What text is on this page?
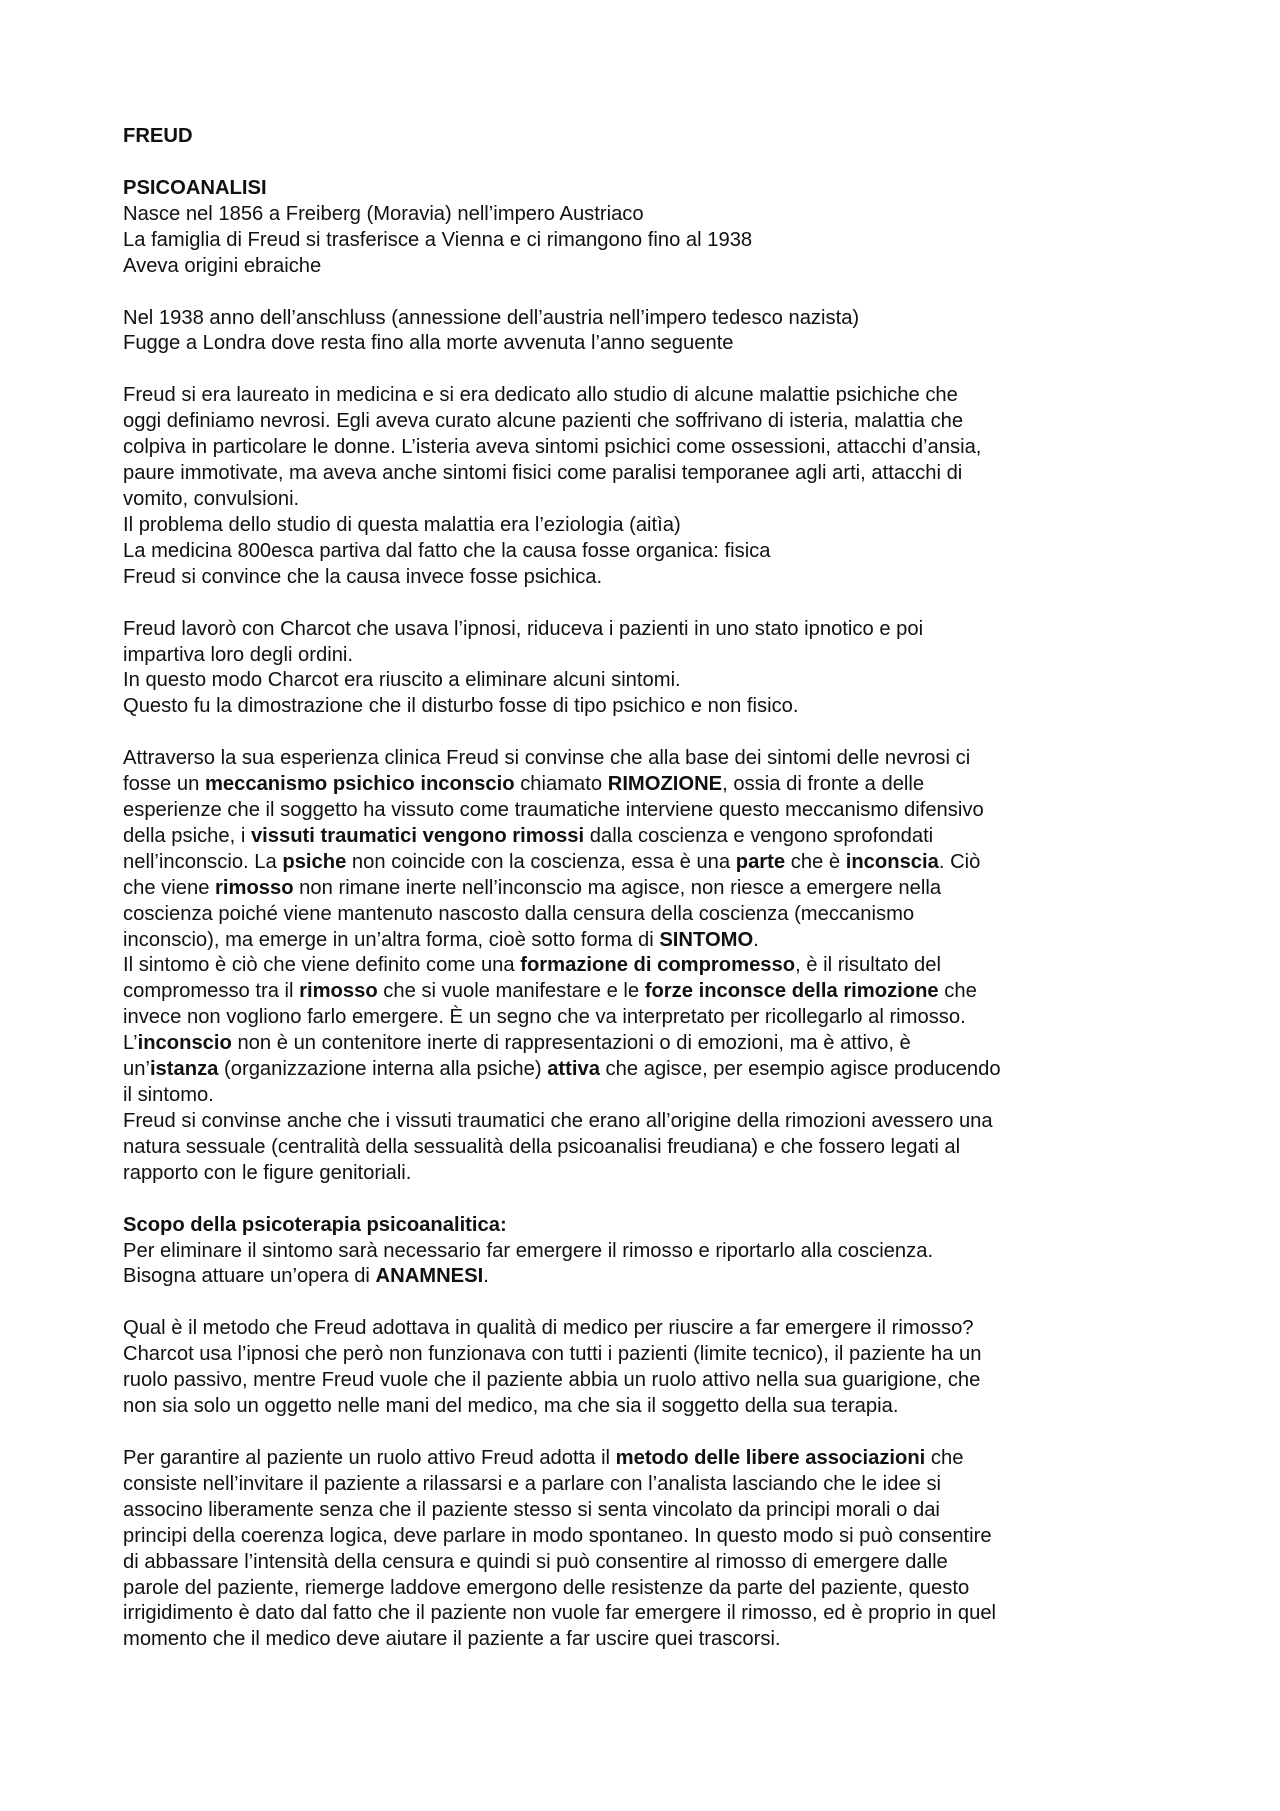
FREUD
PSICOANALISI
Nasce nel 1856 a Freiberg (Moravia) nell’impero Austriaco
La famiglia di Freud si trasferisce a Vienna e ci rimangono fino al 1938
Aveva origini ebraiche
Nel 1938 anno dell’anschluss (annessione dell’austria nell’impero tedesco nazista)
Fugge a Londra dove resta fino alla morte avvenuta l’anno seguente
Freud si era laureato in medicina e si era dedicato allo studio di alcune malattie psichiche che
oggi definiamo nevrosi. Egli aveva curato alcune pazienti che soffrivano di isteria, malattia che
colpiva in particolare le donne. L’isteria aveva sintomi psichici come ossessioni, attacchi d’ansia,
paure immotivate, ma aveva anche sintomi fisici come paralisi temporanee agli arti, attacchi di
vomito, convulsioni.
Il problema dello studio di questa malattia era l’eziologia (aitìa)
La medicina 800esca partiva dal fatto che la causa fosse organica: fisica
Freud si convince che la causa invece fosse psichica.
Freud lavorò con Charcot che usava l’ipnosi, riduceva i pazienti in uno stato ipnotico e poi
impartiva loro degli ordini.
In questo modo Charcot era riuscito a eliminare alcuni sintomi.
Questo fu la dimostrazione che il disturbo fosse di tipo psichico e non fisico.
Attraverso la sua esperienza clinica Freud si convinse che alla base dei sintomi delle nevrosi ci
fosse un meccanismo psichico inconscio chiamato RIMOZIONE, ossia di fronte a delle
esperienze che il soggetto ha vissuto come traumatiche interviene questo meccanismo difensivo
della psiche, i vissuti traumatici vengono rimossi dalla coscienza e vengono sprofondati
nell’inconscio. La psiche non coincide con la coscienza, essa è una parte che è inconscia. Ciò
che viene rimosso non rimane inerte nell’inconscio ma agisce, non riesce a emergere nella
coscienza poiché viene mantenuto nascosto dalla censura della coscienza (meccanismo
inconscio), ma emerge in un’altra forma, cioè sotto forma di SINTOMO.
Il sintomo è ciò che viene definito come una formazione di compromesso, è il risultato del
compromesso tra il rimosso che si vuole manifestare e le forze inconsce della rimozione che
invece non vogliono farlo emergere. È un segno che va interpretato per ricollegarlo al rimosso.
L’inconscio non è un contenitore inerte di rappresentazioni o di emozioni, ma è attivo, è
un’istanza (organizzazione interna alla psiche) attiva che agisce, per esempio agisce producendo
il sintomo.
Freud si convinse anche che i vissuti traumatici che erano all’origine della rimozioni avessero una
natura sessuale (centralità della sessualità della psicoanalisi freudiana) e che fossero legati al
rapporto con le figure genitoriali.
Scopo della psicoterapia psicoanalitica:
Per eliminare il sintomo sarà necessario far emergere il rimosso e riportarlo alla coscienza.
Bisogna attuare un’opera di ANAMNESI.
Qual è il metodo che Freud adottava in qualità di medico per riuscire a far emergere il rimosso?
Charcot usa l’ipnosi che però non funzionava con tutti i pazienti (limite tecnico), il paziente ha un
ruolo passivo, mentre Freud vuole che il paziente abbia un ruolo attivo nella sua guarigione, che
non sia solo un oggetto nelle mani del medico, ma che sia il soggetto della sua terapia.
Per garantire al paziente un ruolo attivo Freud adotta il metodo delle libere associazioni che
consiste nell’invitare il paziente a rilassarsi e a parlare con l’analista lasciando che le idee si
associno liberamente senza che il paziente stesso si senta vincolato da principi morali o dai
principi della coerenza logica, deve parlare in modo spontaneo. In questo modo si può consentire
di abbassare l’intensità della censura e quindi si può consentire al rimosso di emergere dalle
parole del paziente, riemerge laddove emergono delle resistenze da parte del paziente, questo
irrigidimento è dato dal fatto che il paziente non vuole far emergere il rimosso, ed è proprio in quel
momento che il medico deve aiutare il paziente a far uscire quei trascorsi.
